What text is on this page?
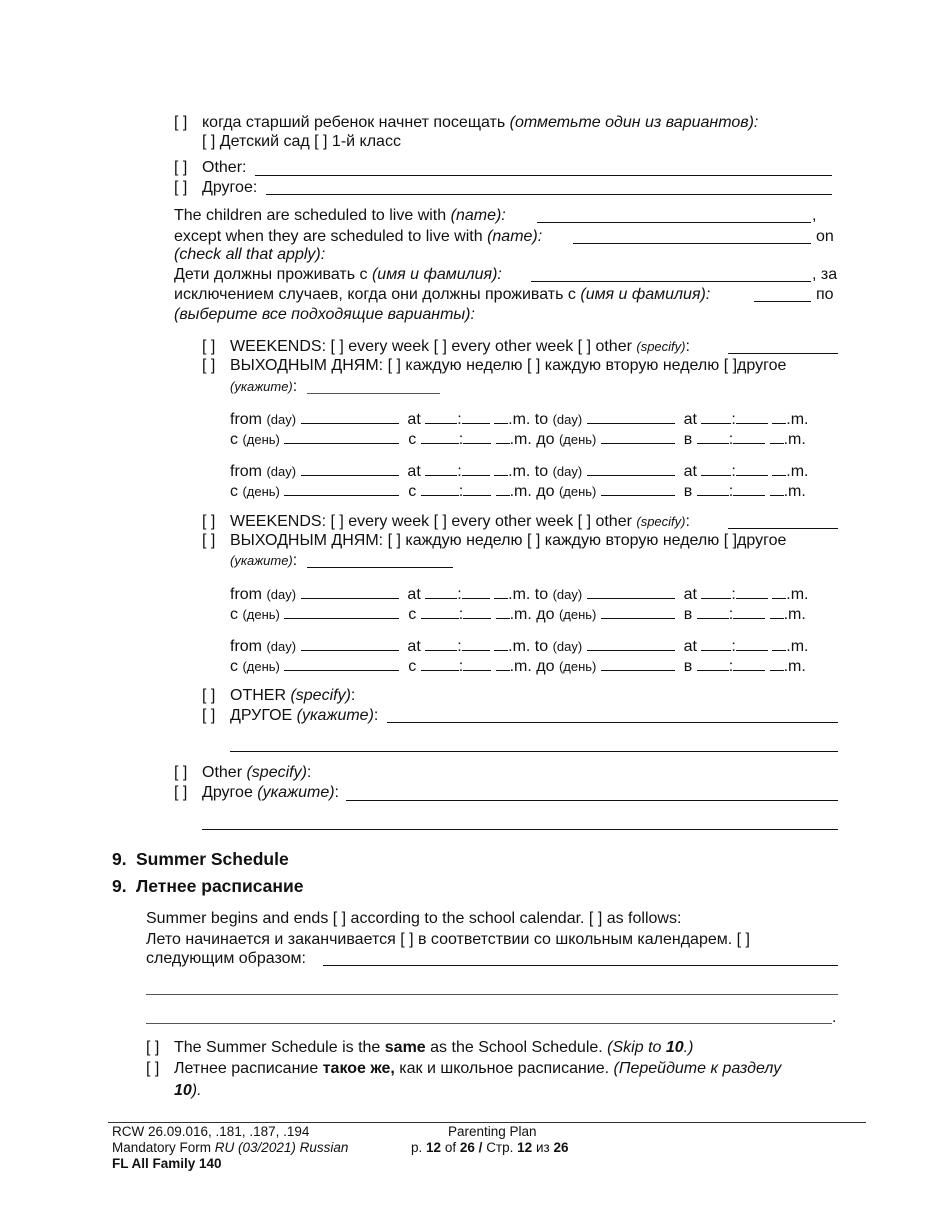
[ ] когда старший ребенок начнет посещать (отметьте один из вариантов):
[ ] Детский сад [ ] 1-й класс
[ ] Other:
[ ] Другое:
The children are scheduled to live with (name):	,
except when they are scheduled to live with (name):	on
(check all that apply):
Дети должны проживать с (имя и фамилия):	, за
исключением случаев, когда они должны проживать с (имя и фамилия):	по
(выберите все подходящие варианты):
[ ] WEEKENDS: [ ] every week [ ] every other week [ ] other (specify):
[ ] ВЫХОДНЫМ ДНЯМ: [ ] каждую неделю [ ] каждую вторую неделю [ ]другое
(укажите):
from (day)	at :	.m. to (day)	at :	.m.
с (день)	с	:	.m. до (день)	в :	.m.
from (day)	at :	.m. to (day)	at :	.m.
с (день)	с	:	.m. до (день)	в :	.m.
from (day)	at :	.m. to (day)	at :	.m.
с (день)	с	:	.m. до (день)	в :	.m.
from (day)	at :	.m. to (day)	at :	.m.
с (день)	с	:	.m. до (день)	в :	.m.
[ ] WEEKENDS: [ ] every week [ ] every other week [ ] other (specify):
[ ] ВЫХОДНЫМ ДНЯМ: [ ] каждую неделю [ ] каждую вторую неделю [ ]другое
(укажите):
[ ] OTHER (specify):
[ ] ДРУГОЕ (укажите):
[ ] Other (specify):
[ ] Другое (укажите):
9. Summer Schedule
9. Летнее расписание
Summer begins and ends [ ] according to the school calendar. [ ] as follows:
Лето начинается и заканчивается [ ] в соответствии со школьным календарем. [ ]
следующим образом:
.
[ ] The Summer Schedule is the same as the School Schedule. (Skip to 10.)
[ ] Летнее расписание такое же, как и школьное расписание. (Перейдите к разделу
10).
RCW 26.09.016, .181, .187, .194
Mandatory Form RU (03/2021) Russian
FL All Family 140
Parenting Plan
p. 12 of 26 / Стр. 12 из 26
